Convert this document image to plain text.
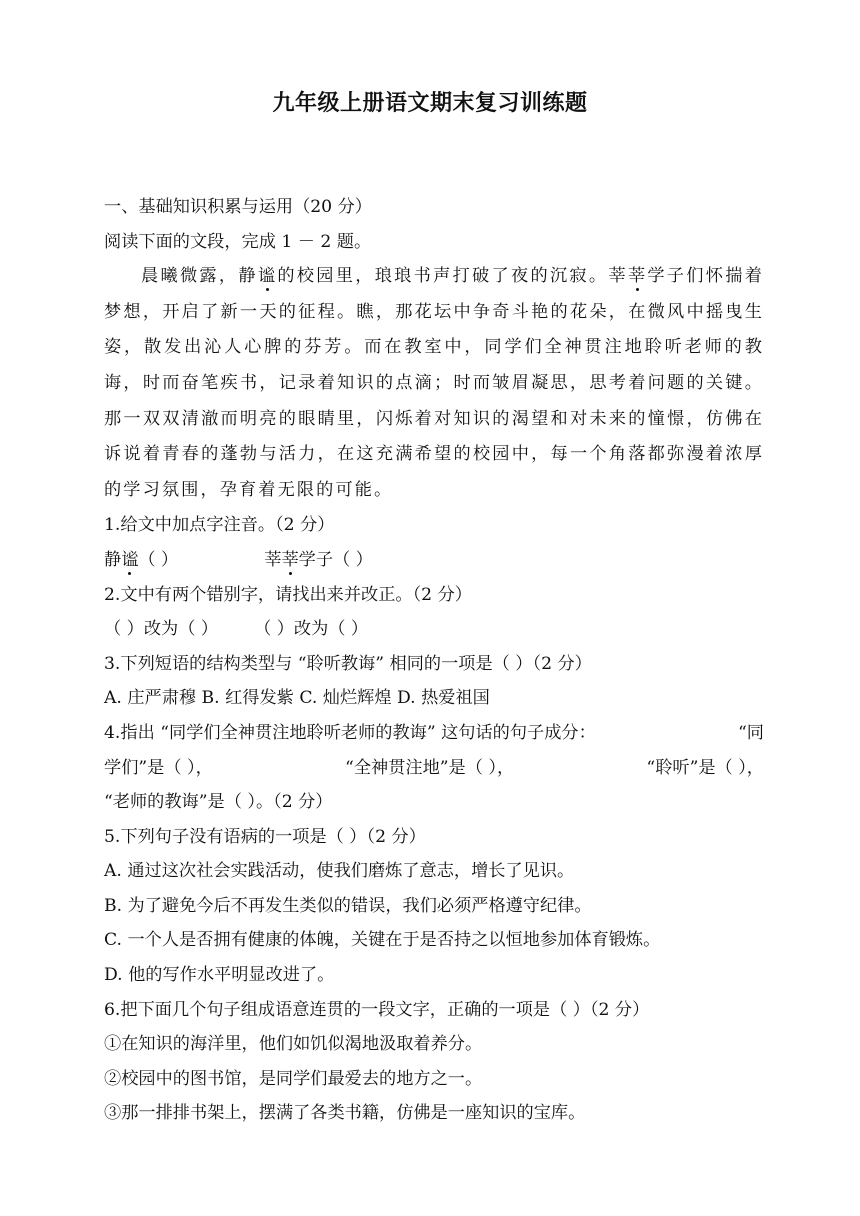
九年级上册语文期末复习训练题
一、基础知识积累与运用（20 分）
阅读下面的文段，完成 1 － 2 题。
晨曦微露，静谧的校园里，琅琅书声打破了夜的沉寂。莘莘学子们怀揣着梦想，开启了新一天的征程。瞧，那花坛中争奇斗艳的花朵，在微风中摇曳生姿，散发出沁人心脾的芬芳。而在教室中，同学们全神贯注地聆听老师的教诲，时而奋笔疾书，记录着知识的点滴；时而皱眉凝思，思考着问题的关键。那一双双清澈而明亮的眼睛里，闪烁着对知识的渴望和对未来的憧憬，仿佛在诉说着青春的蓬勃与活力，在这充满希望的校园中，每一个角落都弥漫着浓厚的学习氛围，孕育着无限的可能。
1.给文中加点字注音。（2 分）
静谧（ ）	莘莘学子（ ）
2.文中有两个错别字，请找出来并改正。（2 分）
（ ）改为（ ） （ ）改为（ ）
3.下列短语的结构类型与 “聆听教诲” 相同的一项是（ ）（2 分）
A. 庄严肃穆 B. 红得发紫 C. 灿烂辉煌 D. 热爱祖国
4.指出 “同学们全神贯注地聆听老师的教诲” 这句话的句子成分：	“同
学们”是（ ），	“全神贯注地”是（ ），	“聆听”是（ ），
“老师的教诲”是（ ）。（2 分）
5.下列句子没有语病的一项是（ ）（2 分）
A. 通过这次社会实践活动，使我们磨炼了意志，增长了见识。
B. 为了避免今后不再发生类似的错误，我们必须严格遵守纪律。
C. 一个人是否拥有健康的体魄，关键在于是否持之以恒地参加体育锻炼。
D. 他的写作水平明显改进了。
6.把下面几个句子组成语意连贯的一段文字，正确的一项是（ ）（2 分）
①在知识的海洋里，他们如饥似渴地汲取着养分。
②校园中的图书馆，是同学们最爱去的地方之一。
③那一排排书架上，摆满了各类书籍，仿佛是一座知识的宝库。
